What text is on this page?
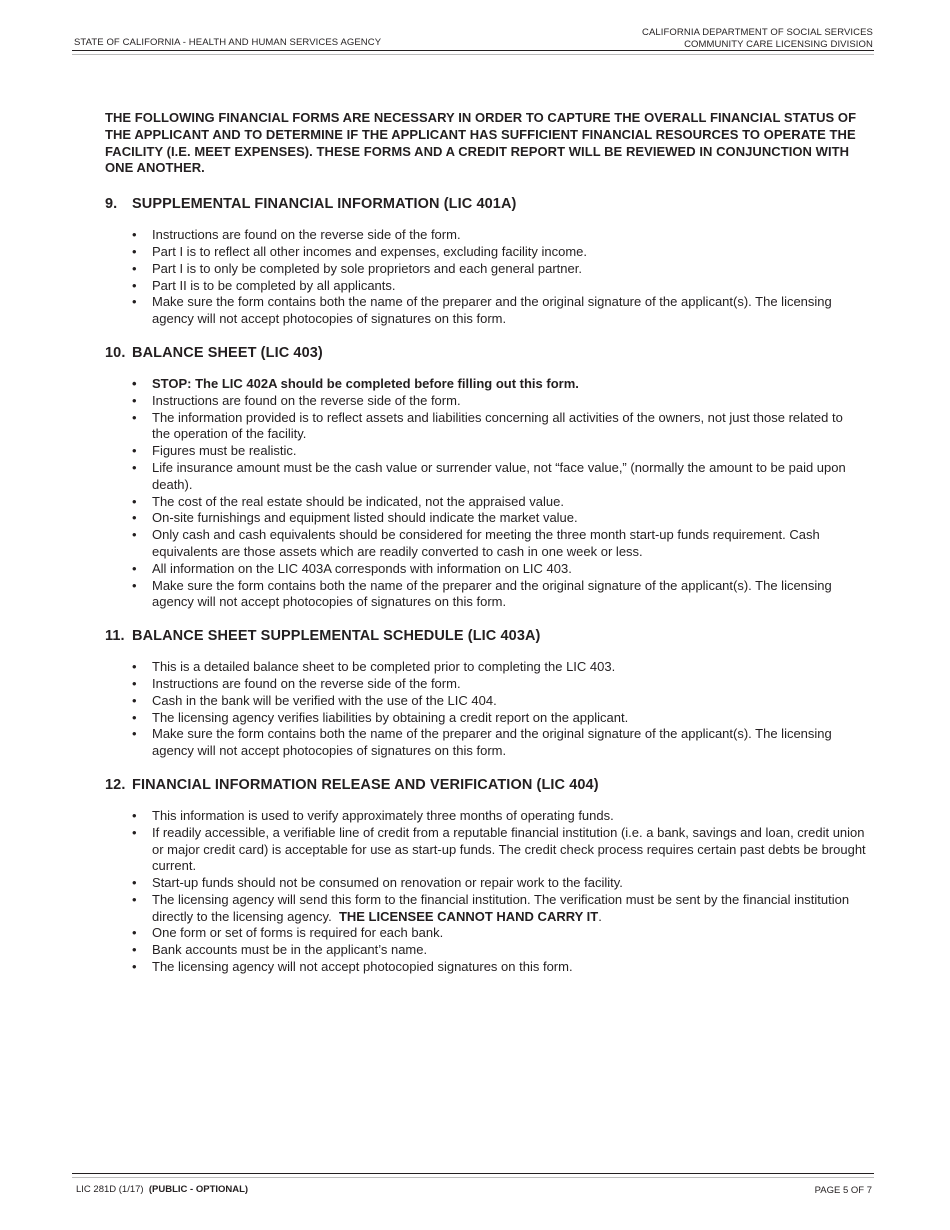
STATE OF CALIFORNIA - HEALTH AND HUMAN SERVICES AGENCY
CALIFORNIA DEPARTMENT OF SOCIAL SERVICES
COMMUNITY CARE LICENSING DIVISION

THE FOLLOWING FINANCIAL FORMS ARE NECESSARY IN ORDER TO CAPTURE THE OVERALL FINANCIAL STATUS OF THE APPLICANT AND TO DETERMINE IF THE APPLICANT HAS SUFFICIENT FINANCIAL RESOURCES TO OPERATE THE FACILITY (I.E. MEET EXPENSES). THESE FORMS AND A CREDIT REPORT WILL BE REVIEWED IN CONJUNCTION WITH ONE ANOTHER.

9. SUPPLEMENTAL FINANCIAL INFORMATION (LIC 401A)
• Instructions are found on the reverse side of the form.
• Part I is to reflect all other incomes and expenses, excluding facility income.
• Part I is to only be completed by sole proprietors and each general partner.
• Part II is to be completed by all applicants.
• Make sure the form contains both the name of the preparer and the original signature of the applicant(s). The licensing agency will not accept photocopies of signatures on this form.
10. BALANCE SHEET (LIC 403)
• STOP: The LIC 402A should be completed before filling out this form.
• Instructions are found on the reverse side of the form.
• The information provided is to reflect assets and liabilities concerning all activities of the owners, not just those related to the operation of the facility.
• Figures must be realistic.
• Life insurance amount must be the cash value or surrender value, not “face value,” (normally the amount to be paid upon death).
• The cost of the real estate should be indicated, not the appraised value.
• On-site furnishings and equipment listed should indicate the market value.
• Only cash and cash equivalents should be considered for meeting the three month start-up funds requirement. Cash equivalents are those assets which are readily converted to cash in one week or less.
• All information on the LIC 403A corresponds with information on LIC 403.
• Make sure the form contains both the name of the preparer and the original signature of the applicant(s). The licensing agency will not accept photocopies of signatures on this form.
11. BALANCE SHEET SUPPLEMENTAL SCHEDULE (LIC 403A)
• This is a detailed balance sheet to be completed prior to completing the LIC 403.
• Instructions are found on the reverse side of the form.
• Cash in the bank will be verified with the use of the LIC 404.
• The licensing agency verifies liabilities by obtaining a credit report on the applicant.
• Make sure the form contains both the name of the preparer and the original signature of the applicant(s). The licensing agency will not accept photocopies of signatures on this form.
12. FINANCIAL INFORMATION RELEASE AND VERIFICATION (LIC 404)
• This information is used to verify approximately three months of operating funds.
• If readily accessible, a verifiable line of credit from a reputable financial institution (i.e. a bank, savings and loan, credit union or major credit card) is acceptable for use as start-up funds. The credit check process requires certain past debts be brought current.
• Start-up funds should not be consumed on renovation or repair work to the facility.
• The licensing agency will send this form to the financial institution. The verification must be sent by the financial institution directly to the licensing agency. THE LICENSEE CANNOT HAND CARRY IT.
• One form or set of forms is required for each bank.
• Bank accounts must be in the applicant’s name.
• The licensing agency will not accept photocopied signatures on this form.
LIC 281D (1/17) (PUBLIC - OPTIONAL)	PAGE 5 OF 7
